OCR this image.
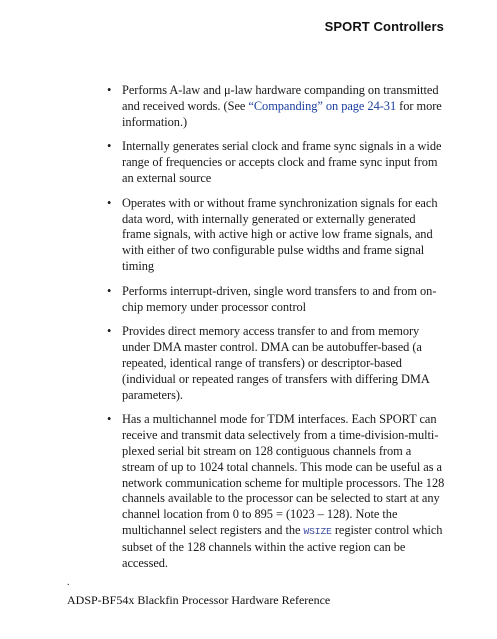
SPORT Controllers
• Performs A-law and μ-law hardware companding on transmitted and received words. (See “Companding” on page 24-31 for more information.)
• Internally generates serial clock and frame sync signals in a wide range of frequencies or accepts clock and frame sync input from an external source
• Operates with or without frame synchronization signals for each data word, with internally generated or externally generated frame signals, with active high or active low frame signals, and with either of two configurable pulse widths and frame signal timing
• Performs interrupt-driven, single word transfers to and from on-chip memory under processor control
• Provides direct memory access transfer to and from memory under DMA master control. DMA can be autobuffer-based (a repeated, identical range of transfers) or descriptor-based (individual or repeated ranges of transfers with differing DMA parameters).
• Has a multichannel mode for TDM interfaces. Each SPORT can receive and transmit data selectively from a time-division-multi-plexed serial bit stream on 128 contiguous channels from a stream of up to 1024 total channels. This mode can be useful as a network communication scheme for multiple processors. The 128 channels available to the processor can be selected to start at any channel location from 0 to 895 = (1023 – 128). Note the multichannel select registers and the WSIZE register control which subset of the 128 channels within the active region can be accessed.
.
ADSP-BF54x Blackfin Processor Hardware Reference
